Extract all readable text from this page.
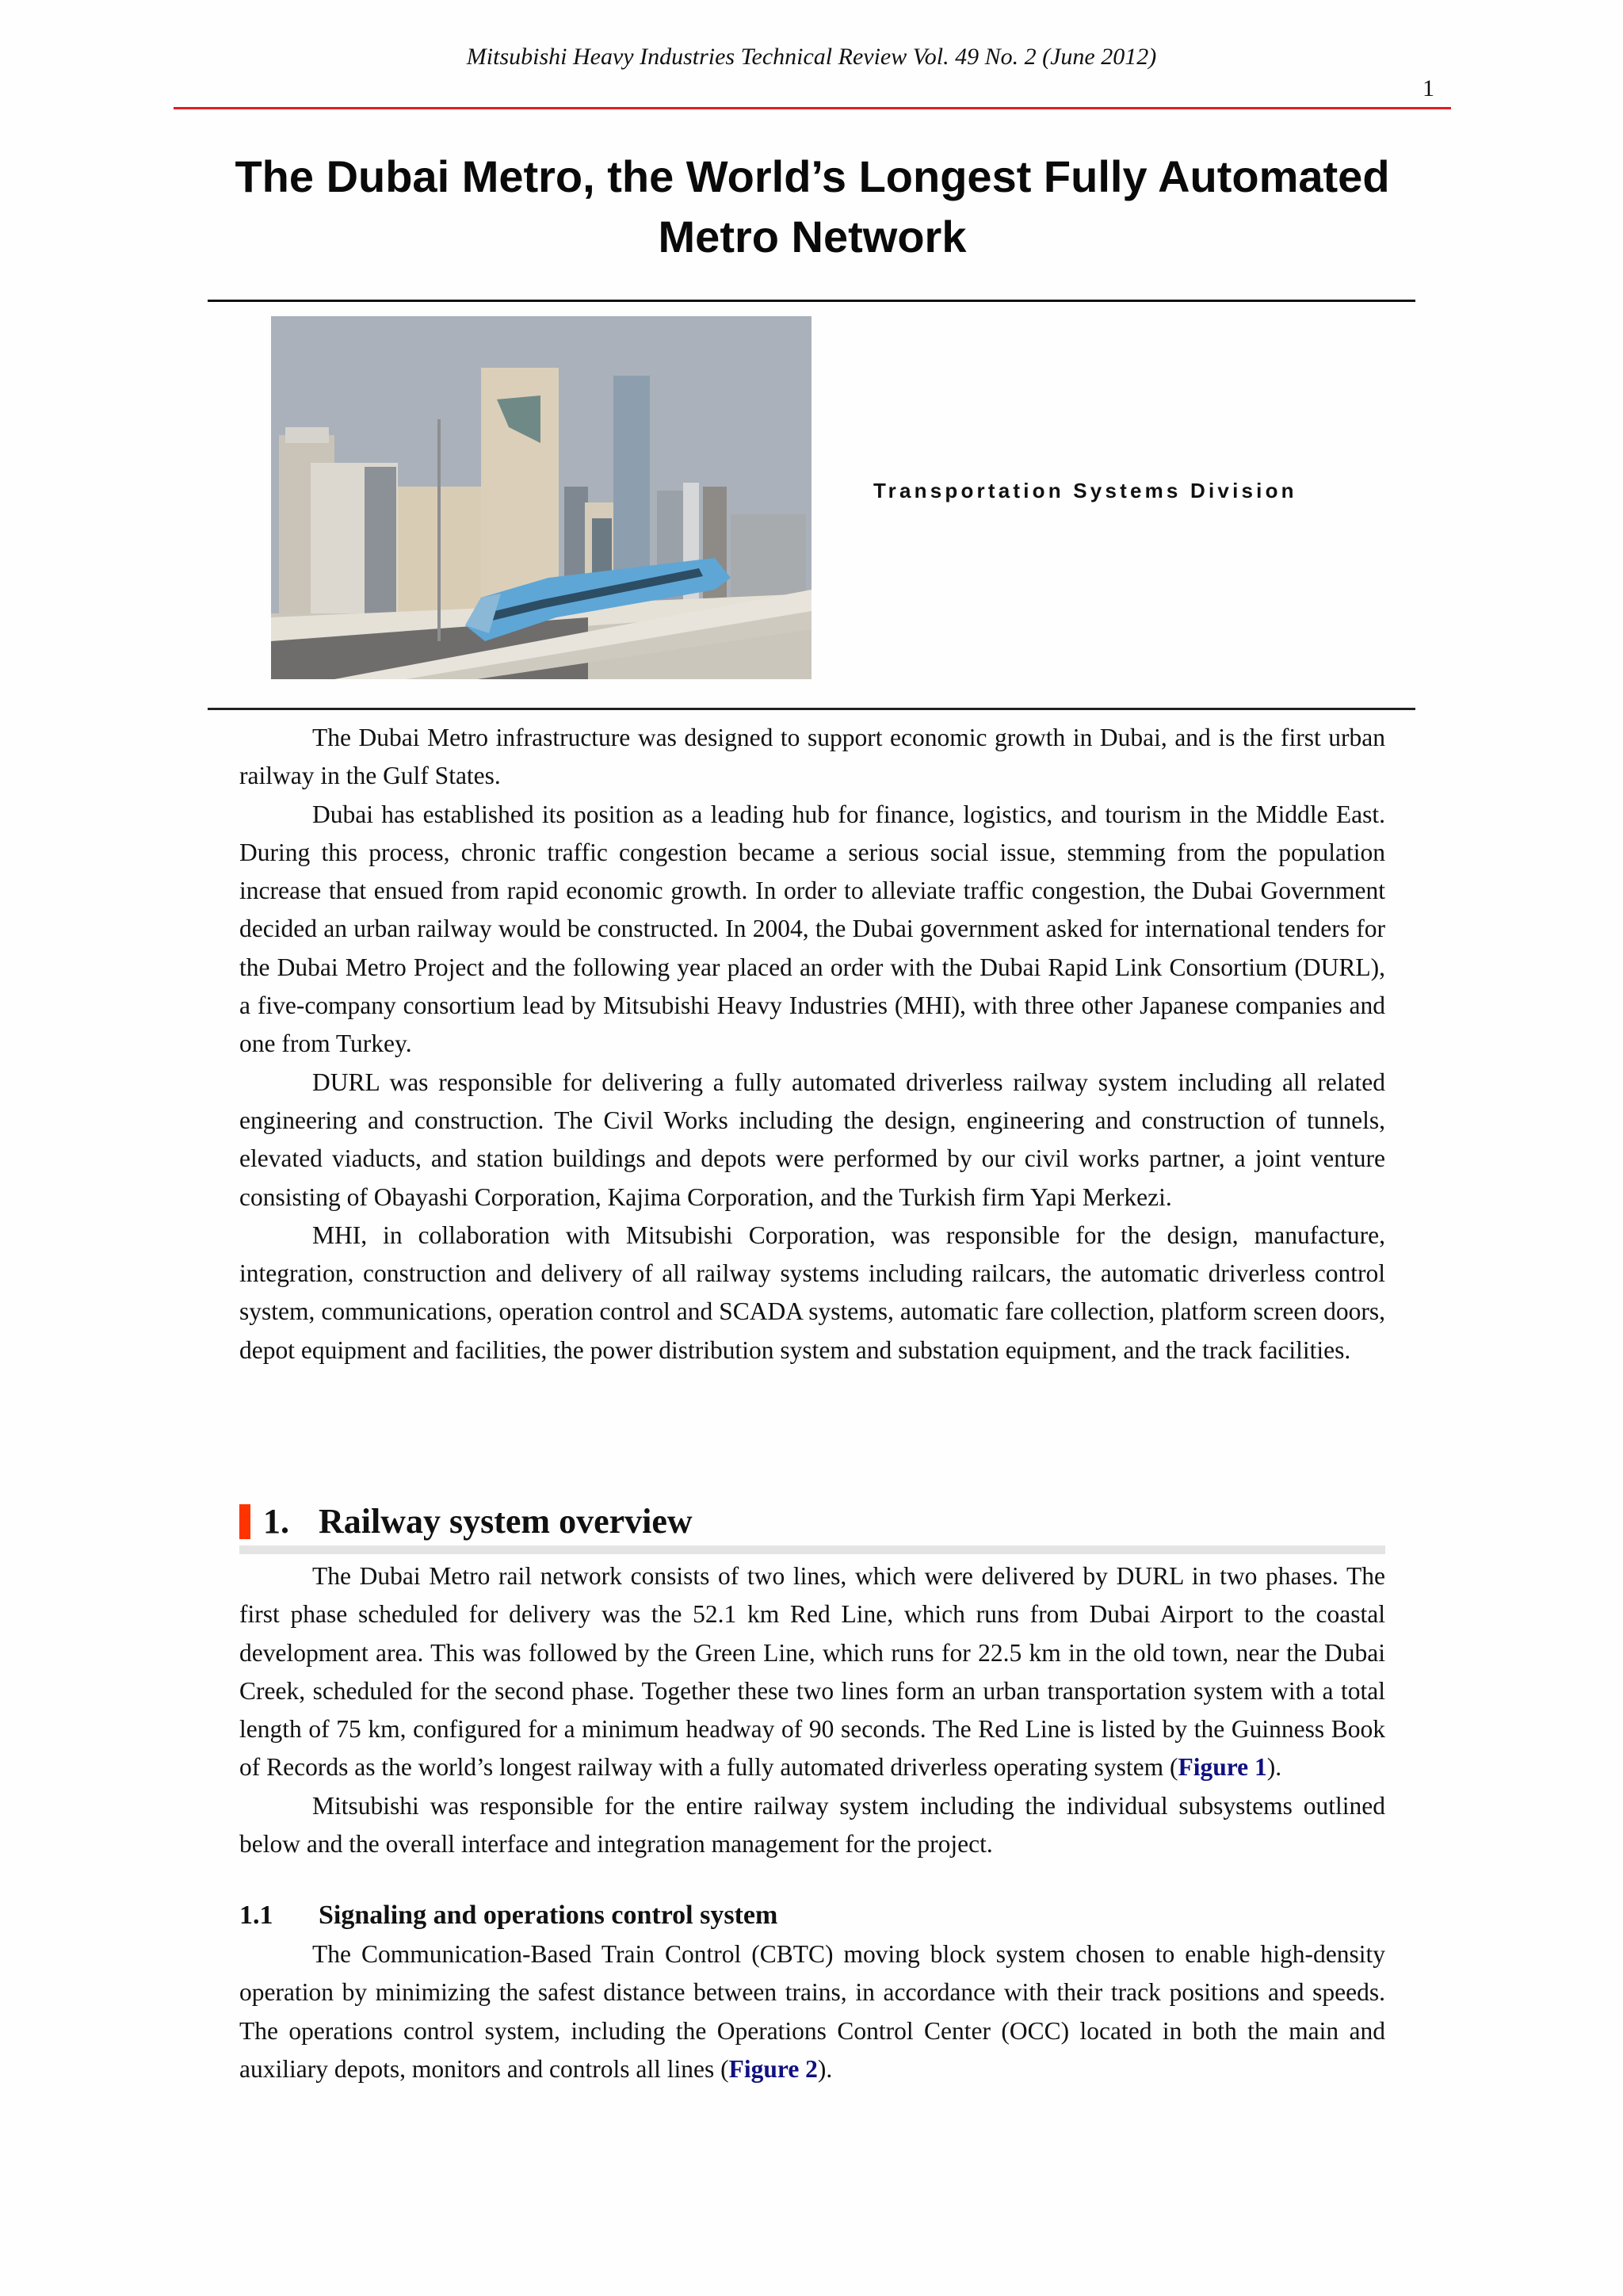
Mitsubishi Heavy Industries Technical Review Vol. 49 No. 2 (June 2012)
1
The Dubai Metro, the World’s Longest Fully Automated
Metro Network
Transportation Systems Division

The Dubai Metro infrastructure was designed to support economic growth in Dubai, and is the first urban railway in the Gulf States.

Dubai has established its position as a leading hub for finance, logistics, and tourism in the Middle East. During this process, chronic traffic congestion became a serious social issue, stemming from the population increase that ensued from rapid economic growth. In order to alleviate traffic congestion, the Dubai Government decided an urban railway would be constructed. In 2004, the Dubai government asked for international tenders for the Dubai Metro Project and the following year placed an order with the Dubai Rapid Link Consortium (DURL), a five-company consortium lead by Mitsubishi Heavy Industries (MHI), with three other Japanese companies and one from Turkey.

DURL was responsible for delivering a fully automated driverless railway system including all related engineering and construction. The Civil Works including the design, engineering and construction of tunnels, elevated viaducts, and station buildings and depots were performed by our civil works partner, a joint venture consisting of Obayashi Corporation, Kajima Corporation, and the Turkish firm Yapi Merkezi.

MHI, in collaboration with Mitsubishi Corporation, was responsible for the design, manufacture, integration, construction and delivery of all railway systems including railcars, the automatic driverless control system, communications, operation control and SCADA systems, automatic fare collection, platform screen doors, depot equipment and facilities, the power distribution system and substation equipment, and the track facilities.

1. Railway system overview

The Dubai Metro rail network consists of two lines, which were delivered by DURL in two phases. The first phase scheduled for delivery was the 52.1 km Red Line, which runs from Dubai Airport to the coastal development area. This was followed by the Green Line, which runs for 22.5 km in the old town, near the Dubai Creek, scheduled for the second phase. Together these two lines form an urban transportation system with a total length of 75 km, configured for a minimum headway of 90 seconds. The Red Line is listed by the Guinness Book of Records as the world’s longest railway with a fully automated driverless operating system (Figure 1).

Mitsubishi was responsible for the entire railway system including the individual subsystems outlined below and the overall interface and integration management for the project.

1.1 Signaling and operations control system

The Communication-Based Train Control (CBTC) moving block system chosen to enable high-density operation by minimizing the safest distance between trains, in accordance with their track positions and speeds. The operations control system, including the Operations Control Center (OCC) located in both the main and auxiliary depots, monitors and controls all lines (Figure 2).
